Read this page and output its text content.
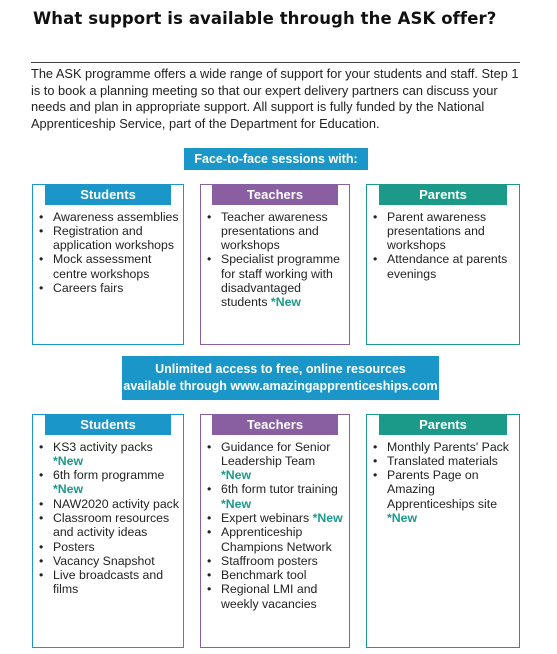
What support is available through the ASK offer?
The ASK programme offers a wide range of support for your students and staff. Step 1 is to book a planning meeting so that our expert delivery partners can discuss your needs and plan in appropriate support. All support is fully funded by the National Apprenticeship Service, part of the Department for Education.
Face-to-face sessions with:
Students
• Awareness assemblies
• Registration and application workshops
• Mock assessment centre workshops
• Careers fairs
Teachers
• Teacher awareness presentations and workshops
• Specialist programme for staff working with disadvantaged students *New
Parents
• Parent awareness presentations and workshops
• Attendance at parents evenings
Unlimited access to free, online resources
available through www.amazingapprenticeships.com
Students
• KS3 activity packs *New
• 6th form programme *New
• NAW2020 activity pack
• Classroom resources and activity ideas
• Posters
• Vacancy Snapshot
• Live broadcasts and films
Teachers
• Guidance for Senior Leadership Team *New
• 6th form tutor training *New
• Expert webinars *New
• Apprenticeship Champions Network
• Staffroom posters
• Benchmark tool
• Regional LMI and weekly vacancies
Parents
• Monthly Parents' Pack
• Translated materials
• Parents Page on Amazing Apprenticeships site *New
